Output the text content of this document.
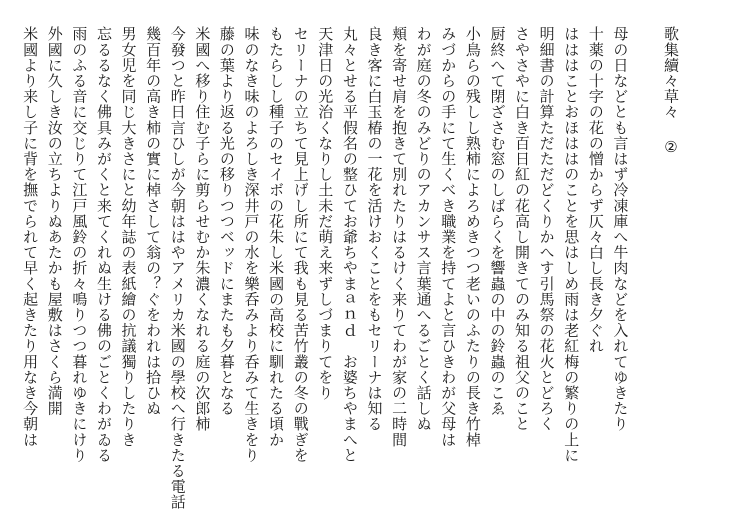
歌集續々草々②
母の日などとも言はず冷凍庫へ牛肉などを入れてゆきたり
十薬の十字の花の憎からず仄々白し長き夕ぐれ
はははことおほははのことを思はしめ雨は老紅梅の繁りの上に
明細書の計算ただただどくりかへす引馬祭の花火とどろく
さやさやに白き百日紅の花高し開きてのみ知る祖父のこと
厨終へて閉ざさむ窓のしばらくを響蟲の中の鈴蟲のこゑ
小鳥らの残しし熟柿によろめきつつ老いのふたりの長き竹棹
みづからの手にて生くべき職業を持てよと言ひきわが父母は
わが庭の冬のみどりのアカンサス言葉通へるごとく話しぬ
頬を寄せ肩を抱きて別れたりはるけく来りてわが家の二時間
良き客に白玉椿の一花を活けおくことをもセリーナは知る
丸々とせる平假名の整ひてお爺ちやまａｎｄ　お婆ちやまへと
天津日の光治くなりし土未だ萌え来ずしづまりてをり
セリーナの立ちて見上げし所にて我も見る苦竹叢の冬の戰ぎを
もたらしし種子のセイボの花朱し米國の高校に馴れたる頃か
味のなき味のよろしき深井戸の水を樂呑みより呑みて生きをり
藤の葉より返る光の移りつつベッドにまたも夕暮となる
米國へ移り住む子らに剪らせむか朱濃くなれる庭の次郎柿
今發つと昨日言ひしが今朝ははやアメリカ米國の學校へ行きたる電話
幾百年の高き柿の實に棹さして翁の？ぐをわれは拾ひぬ
男女児を同じ大きさにと幼年誌の表紙繪の抗議獨りしたりき
忘るるなく佛具みがくと来てくれぬ生ける佛のごとくわがゐる
雨のふる音に交じりて江戸風鈴の折々鳴りつつ暮れゆきにけり
外國に久しき汝の立ちよりぬあたかも屋敷はさくら満開
米國より来し子に背を撫でられて早く起きたり用なき今朝は
